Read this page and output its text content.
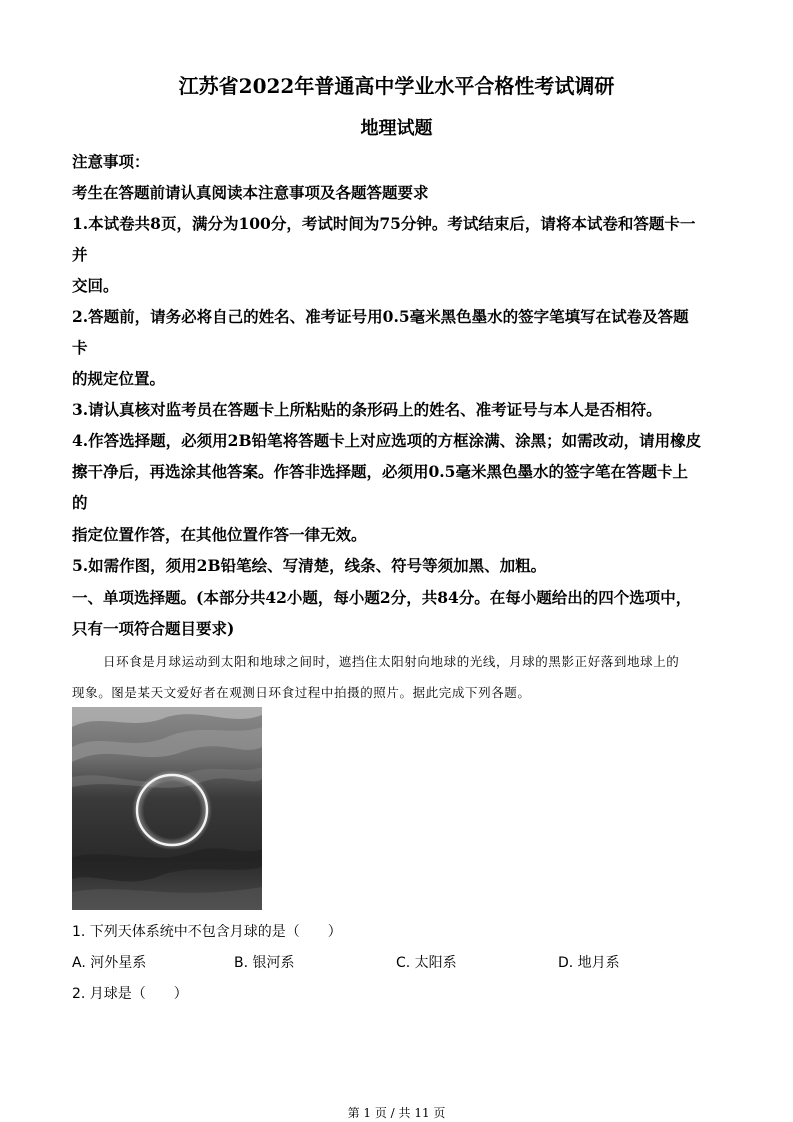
江苏省2022年普通高中学业水平合格性考试调研
地理试题
注意事项：
考生在答题前请认真阅读本注意事项及各题答题要求
1.本试卷共8页，满分为100分，考试时间为75分钟。考试结束后，请将本试卷和答题卡一
并
交回。
2.答题前，请务必将自己的姓名、准考证号用0.5毫米黑色墨水的签字笔填写在试卷及答题
卡
的规定位置。
3.请认真核对监考员在答题卡上所粘贴的条形码上的姓名、准考证号与本人是否相符。
4.作答选择题，必须用2B铅笔将答题卡上对应选项的方框涂满、涂黑；如需改动，请用橡皮
擦干净后，再选涂其他答案。作答非选择题，必须用0.5毫米黑色墨水的签字笔在答题卡上
的
指定位置作答，在其他位置作答一律无效。
5.如需作图，须用2B铅笔绘、写清楚，线条、符号等须加黑、加粗。
一、单项选择题。(本部分共42小题，每小题2分，共84分。在每小题给出的四个选项中，
只有一项符合题目要求)
日环食是月球运动到太阳和地球之间时，遮挡住太阳射向地球的光线，月球的黑影正好落到地球上的
现象。图是某天文爱好者在观测日环食过程中拍摄的照片。据此完成下列各题。
1. 下列天体系统中不包含月球的是（　　）
A. 河外星系	B. 银河系	C. 太阳系	D. 地月系
2. 月球是（　　）
第 1 页 / 共 11 页
